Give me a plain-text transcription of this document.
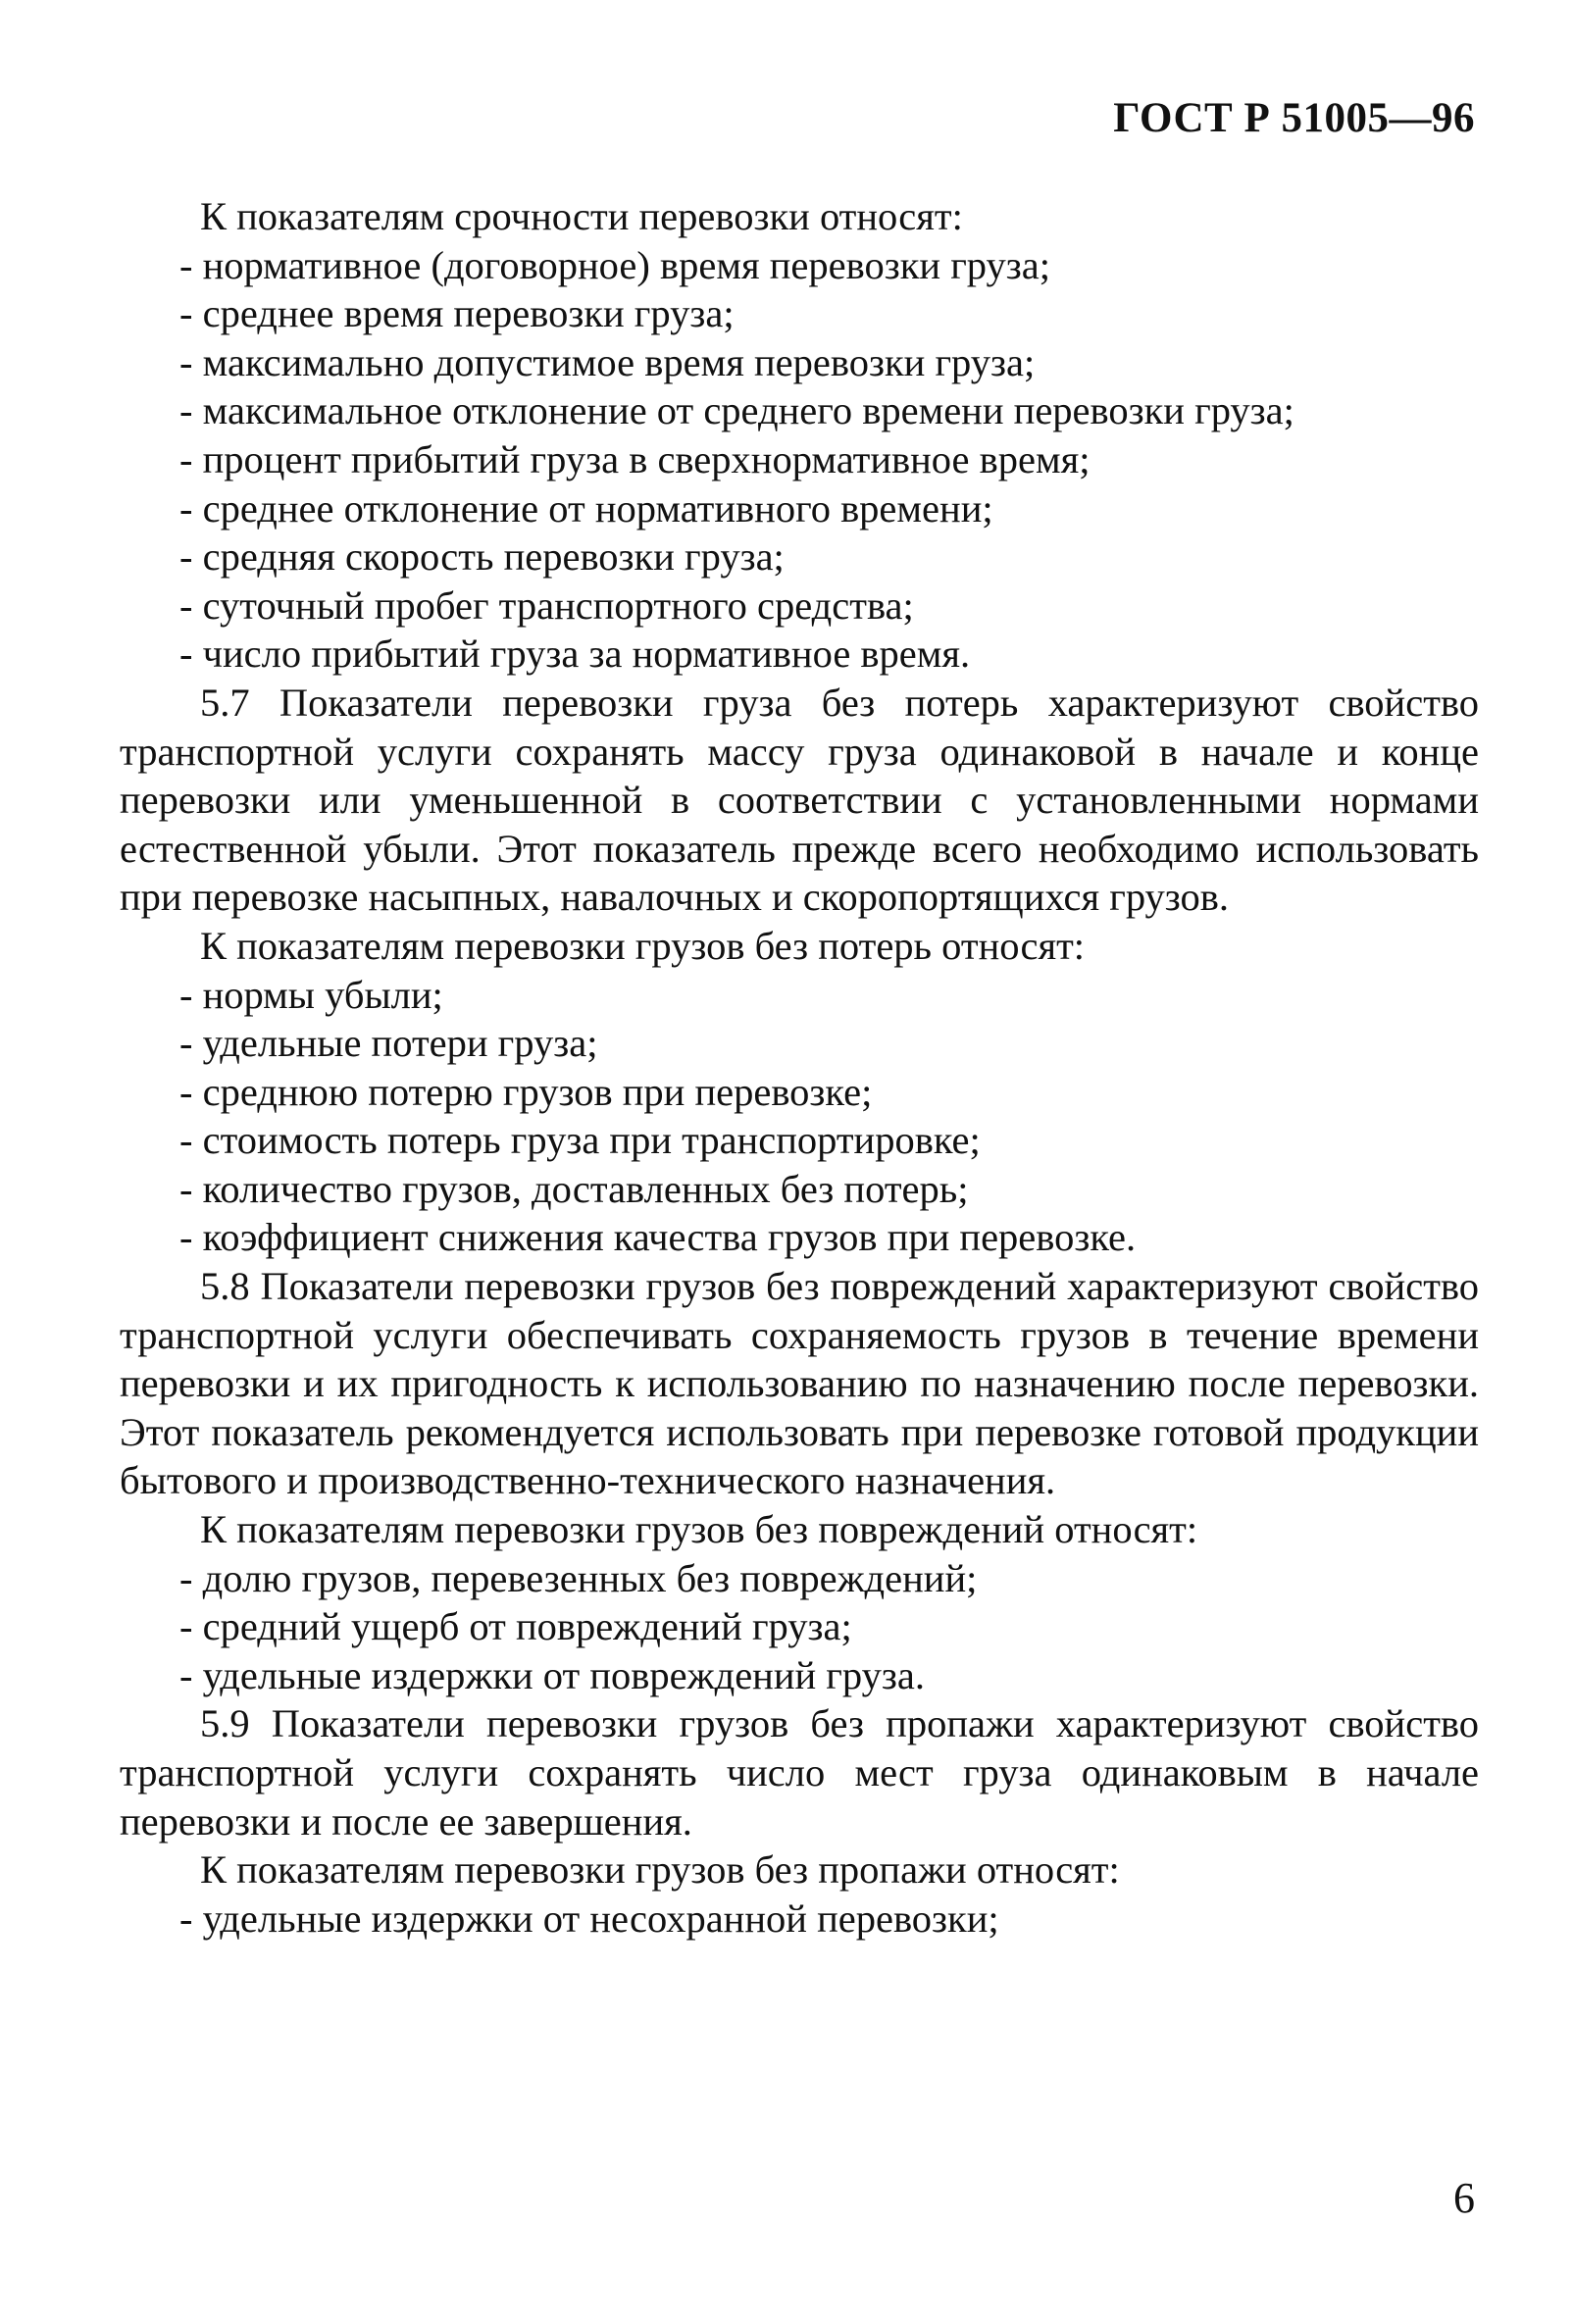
ГОСТ Р 51005—96

К показателям срочности перевозки относят:

- нормативное (договорное) время перевозки груза;
- среднее время перевозки груза;
- максимально допустимое время перевозки груза;
- максимальное отклонение от среднего времени перевозки груза;
- процент прибытий груза в сверхнормативное время;
- среднее отклонение от нормативного времени;
- средняя скорость перевозки груза;
- суточный пробег транспортного средства;
- число прибытий груза за нормативное время.

5.7 Показатели перевозки груза без потерь характеризуют свойство транспортной услуги сохранять массу груза одинаковой в начале и конце перевозки или уменьшенной в соответствии с установленными нормами естественной убыли. Этот показатель прежде всего необходимо использовать при перевозке насыпных, навалочных и скоропортящихся грузов.

К показателям перевозки грузов без потерь относят:

- нормы убыли;
- удельные потери груза;
- среднюю потерю грузов при перевозке;
- стоимость потерь груза при транспортировке;
- количество грузов, доставленных без потерь;
- коэффициент снижения качества грузов при перевозке.

5.8 Показатели перевозки грузов без повреждений характеризуют свойство транспортной услуги обеспечивать сохраняемость грузов в течение времени перевозки и их пригодность к использованию по назначению после перевозки. Этот показатель рекомендуется использовать при перевозке готовой продукции бытового и производственно-технического назначения.

К показателям перевозки грузов без повреждений относят:

- долю грузов, перевезенных без повреждений;
- средний ущерб от повреждений груза;
- удельные издержки от повреждений груза.

5.9 Показатели перевозки грузов без пропажи характеризуют свойство транспортной услуги сохранять число мест груза одинаковым в начале перевозки и после ее завершения.

К показателям перевозки грузов без пропажи относят:

- удельные издержки от несохранной перевозки;
6
